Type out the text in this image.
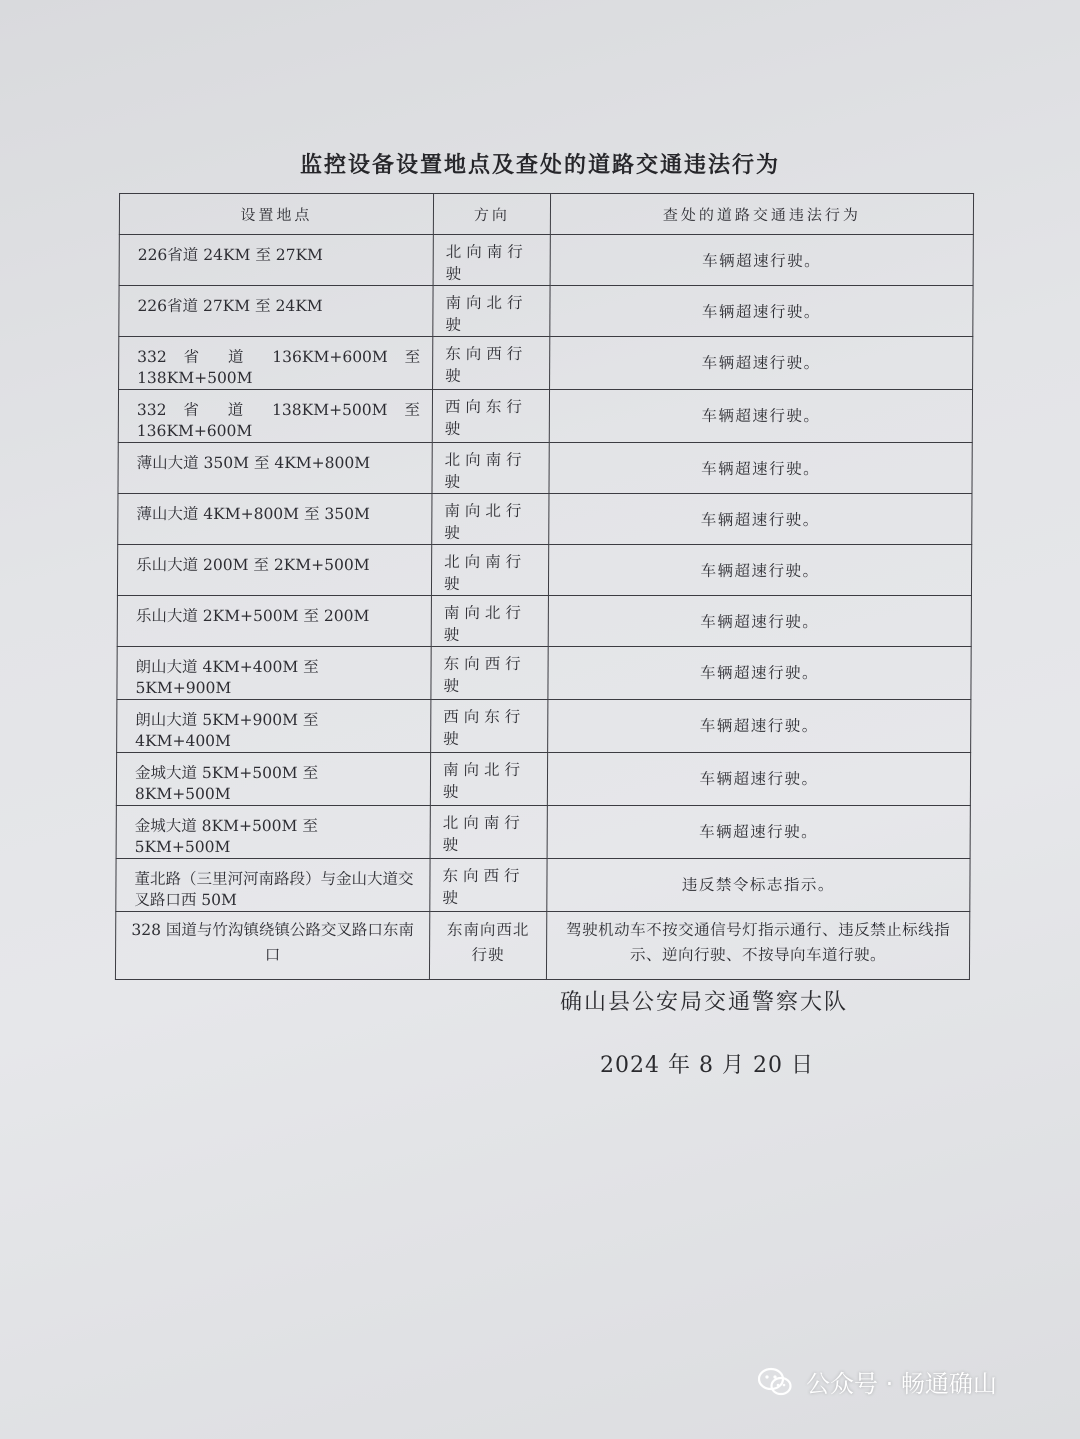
监控设备设置地点及查处的道路交通违法行为
设置地点	方向	查处的道路交通违法行为
226省道 24KM 至 27KM	北向南行驶	车辆超速行驶。
226省道 27KM 至 24KM	南向北行驶	车辆超速行驶。

332 省 道 136KM+600M 至 138KM+500M	东向西行驶	车辆超速行驶。

332 省 道 138KM+500M 至 136KM+600M	西向东行驶	车辆超速行驶。
薄山大道 350M 至 4KM+800M	北向南行驶	车辆超速行驶。
薄山大道 4KM+800M 至 350M	南向北行驶	车辆超速行驶。
乐山大道 200M 至 2KM+500M	北向南行驶	车辆超速行驶。
乐山大道 2KM+500M 至 200M	南向北行驶	车辆超速行驶。
朗山大道 4KM+400M 至 5KM+900M	东向西行驶	车辆超速行驶。
朗山大道 5KM+900M 至 4KM+400M	西向东行驶	车辆超速行驶。
金城大道 5KM+500M 至 8KM+500M	南向北行驶	车辆超速行驶。
金城大道 8KM+500M 至 5KM+500M	北向南行驶	车辆超速行驶。
董北路（三里河河南路段）与金山大道交叉路口西 50M	东向西行驶	违反禁令标志指示。
328 国道与竹沟镇绕镇公路交叉路口东南口	东南向西北行驶	驾驶机动车不按交通信号灯指示通行、违反禁止标线指示、逆向行驶、不按导向车道行驶。
确山县公安局交通警察大队
2024 年 8 月 20 日
公众号 · 畅通确山
